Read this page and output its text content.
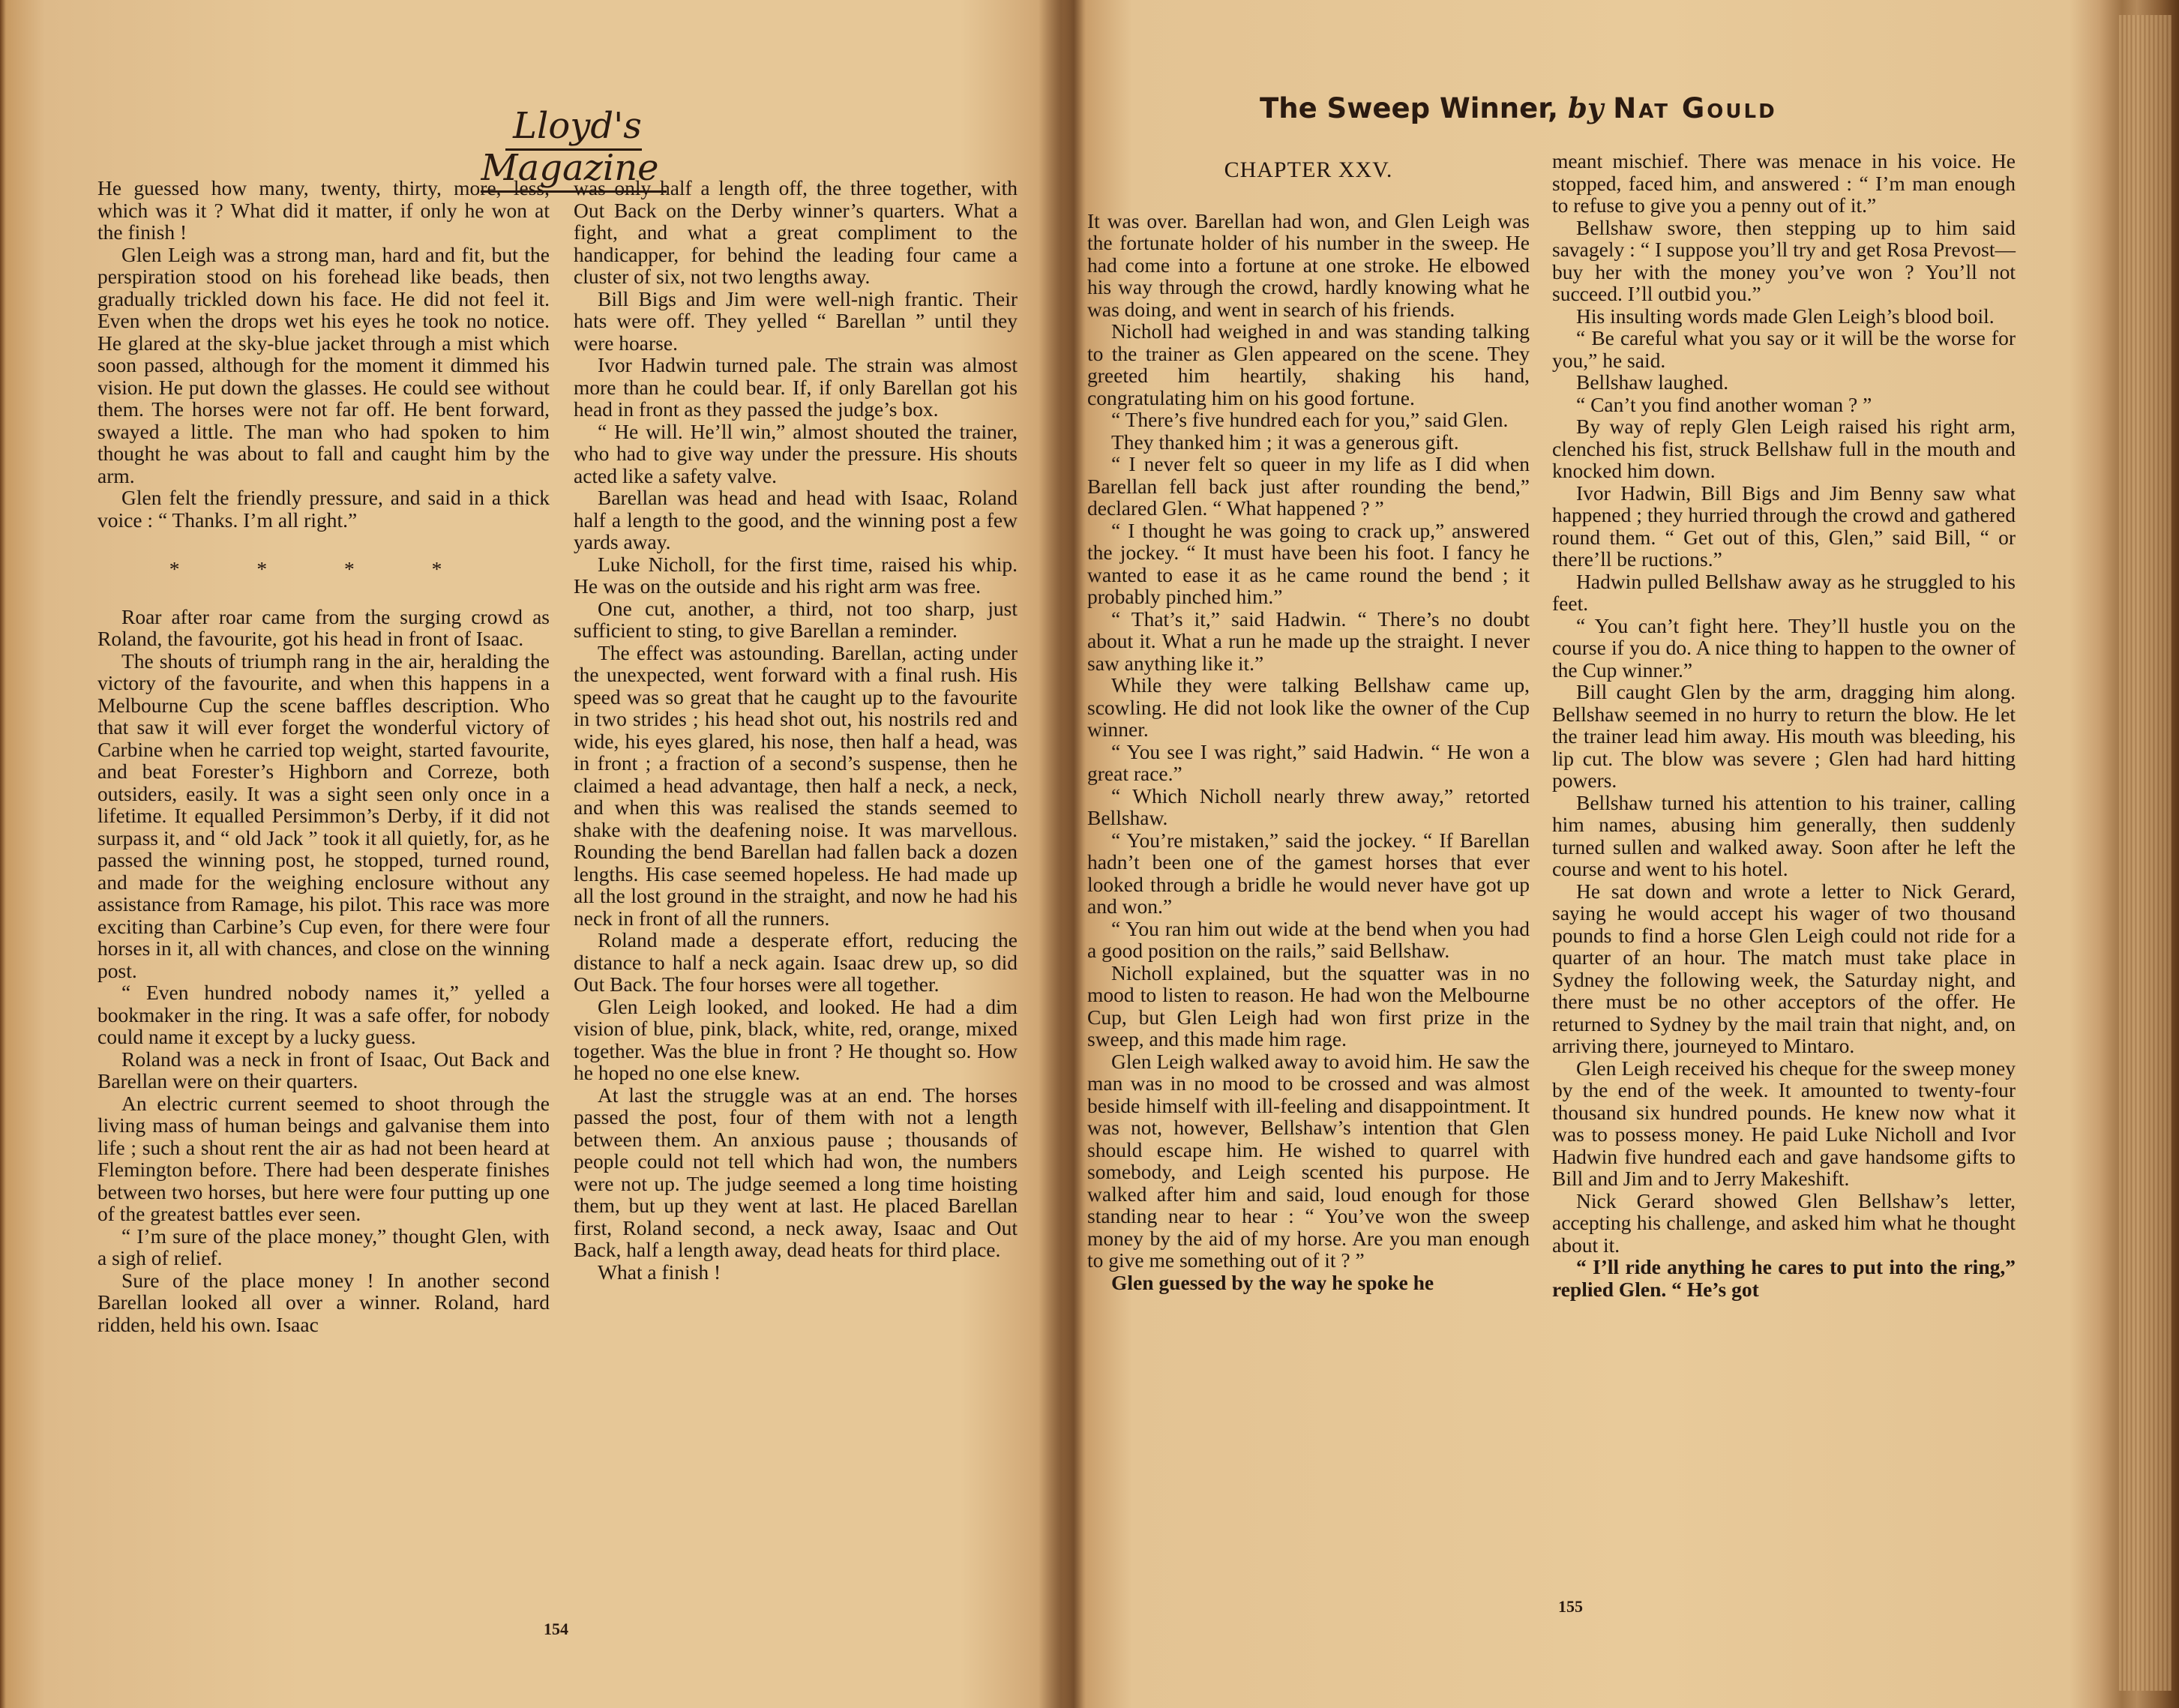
Lloyd's Magazine

He guessed how many, twenty, thirty, more, less, which was it ? What did it matter, if only he won at the finish !

Glen Leigh was a strong man, hard and fit, but the perspiration stood on his forehead like beads, then gradually trickled down his face. He did not feel it. Even when the drops wet his eyes he took no notice. He glared at the sky-blue jacket through a mist which soon passed, although for the moment it dimmed his vision. He put down the glasses. He could see without them. The horses were not far off. He bent forward, swayed a little. The man who had spoken to him thought he was about to fall and caught him by the arm.

Glen felt the friendly pressure, and said in a thick voice : “ Thanks. I’m all right.”

* * * *

Roar after roar came from the surging crowd as Roland, the favourite, got his head in front of Isaac.

The shouts of triumph rang in the air, heralding the victory of the favourite, and when this happens in a Melbourne Cup the scene baffles description. Who that saw it will ever forget the wonderful victory of Carbine when he carried top weight, started favourite, and beat Forester’s Highborn and Correze, both outsiders, easily. It was a sight seen only once in a lifetime. It equalled Persimmon’s Derby, if it did not surpass it, and “ old Jack ” took it all quietly, for, as he passed the winning post, he stopped, turned round, and made for the weighing enclosure without any assistance from Ramage, his pilot. This race was more exciting than Carbine’s Cup even, for there were four horses in it, all with chances, and close on the winning post.

“ Even hundred nobody names it,” yelled a bookmaker in the ring. It was a safe offer, for nobody could name it except by a lucky guess.

Roland was a neck in front of Isaac, Out Back and Barellan were on their quarters.

An electric current seemed to shoot through the living mass of human beings and galvanise them into life ; such a shout rent the air as had not been heard at Flemington before. There had been desperate finishes between two horses, but here were four putting up one of the greatest battles ever seen.

“ I’m sure of the place money,” thought Glen, with a sigh of relief.

Sure of the place money ! In another second Barellan looked all over a winner. Roland, hard ridden, held his own. Isaac

was only half a length off, the three together, with Out Back on the Derby winner’s quarters. What a fight, and what a great compliment to the handicapper, for behind the leading four came a cluster of six, not two lengths away.

Bill Bigs and Jim were well-nigh frantic. Their hats were off. They yelled “ Barellan ” until they were hoarse.

Ivor Hadwin turned pale. The strain was almost more than he could bear. If, if only Barellan got his head in front as they passed the judge’s box.

“ He will. He’ll win,” almost shouted the trainer, who had to give way under the pressure. His shouts acted like a safety valve.

Barellan was head and head with Isaac, Roland half a length to the good, and the winning post a few yards away.

Luke Nicholl, for the first time, raised his whip. He was on the outside and his right arm was free.

One cut, another, a third, not too sharp, just sufficient to sting, to give Barellan a reminder.

The effect was astounding. Barellan, acting under the unexpected, went forward with a final rush. His speed was so great that he caught up to the favourite in two strides ; his head shot out, his nostrils red and wide, his eyes glared, his nose, then half a head, was in front ; a fraction of a second’s suspense, then he claimed a head advantage, then half a neck, a neck, and when this was realised the stands seemed to shake with the deafening noise. It was marvellous. Rounding the bend Barellan had fallen back a dozen lengths. His case seemed hopeless. He had made up all the lost ground in the straight, and now he had his neck in front of all the runners.

Roland made a desperate effort, reducing the distance to half a neck again. Isaac drew up, so did Out Back. The four horses were all together.

Glen Leigh looked, and looked. He had a dim vision of blue, pink, black, white, red, orange, mixed together. Was the blue in front ? He thought so. How he hoped no one else knew.

At last the struggle was at an end. The horses passed the post, four of them with not a length between them. An anxious pause ; thousands of people could not tell which had won, the numbers were not up. The judge seemed a long time hoisting them, but up they went at last. He placed Barellan first, Roland second, a neck away, Isaac and Out Back, half a length away, dead heats for third place.

What a finish !

154

CHAPTER XXV.

It was over. Barellan had won, and Glen Leigh was the fortunate holder of his number in the sweep. He had come into a fortune at one stroke. He elbowed his way through the crowd, hardly knowing what he was doing, and went in search of his friends.

Nicholl had weighed in and was standing talking to the trainer as Glen appeared on the scene. They greeted him heartily, shaking his hand, congratulating him on his good fortune.

“ There’s five hundred each for you,” said Glen.

They thanked him ; it was a generous gift.

“ I never felt so queer in my life as I did when Barellan fell back just after rounding the bend,” declared Glen. “ What happened ? ”

“ I thought he was going to crack up,” answered the jockey. “ It must have been his foot. I fancy he wanted to ease it as he came round the bend ; it probably pinched him.”

“ That’s it,” said Hadwin. “ There’s no doubt about it. What a run he made up the straight. I never saw anything like it.”

While they were talking Bellshaw came up, scowling. He did not look like the owner of the Cup winner.

“ You see I was right,” said Hadwin. “ He won a great race.”

“ Which Nicholl nearly threw away,” retorted Bellshaw.

“ You’re mistaken,” said the jockey. “ If Barellan hadn’t been one of the gamest horses that ever looked through a bridle he would never have got up and won.”

“ You ran him out wide at the bend when you had a good position on the rails,” said Bellshaw.

Nicholl explained, but the squatter was in no mood to listen to reason. He had won the Melbourne Cup, but Glen Leigh had won first prize in the sweep, and this made him rage.

Glen Leigh walked away to avoid him. He saw the man was in no mood to be crossed and was almost beside himself with ill-feeling and disappointment. It was not, however, Bellshaw’s intention that Glen should escape him. He wished to quarrel with somebody, and Leigh scented his purpose. He walked after him and said, loud enough for those standing near to hear : “ You’ve won the sweep money by the aid of my horse. Are you man enough to give me something out of it ? ”

Glen guessed by the way he spoke he

meant mischief. There was menace in his voice. He stopped, faced him, and answered : “ I’m man enough to refuse to give you a penny out of it.”

Bellshaw swore, then stepping up to him said savagely : “ I suppose you’ll try and get Rosa Prevost—buy her with the money you’ve won ? You’ll not succeed. I’ll outbid you.”

His insulting words made Glen Leigh’s blood boil.

“ Be careful what you say or it will be the worse for you,” he said.

Bellshaw laughed.

“ Can’t you find another woman ? ”

By way of reply Glen Leigh raised his right arm, clenched his fist, struck Bellshaw full in the mouth and knocked him down.

Ivor Hadwin, Bill Bigs and Jim Benny saw what happened ; they hurried through the crowd and gathered round them. “ Get out of this, Glen,” said Bill, “ or there’ll be ructions.”

Hadwin pulled Bellshaw away as he struggled to his feet.

“ You can’t fight here. They’ll hustle you on the course if you do. A nice thing to happen to the owner of the Cup winner.”

Bill caught Glen by the arm, dragging him along. Bellshaw seemed in no hurry to return the blow. He let the trainer lead him away. His mouth was bleeding, his lip cut. The blow was severe ; Glen had hard hitting powers.

Bellshaw turned his attention to his trainer, calling him names, abusing him generally, then suddenly turned sullen and walked away. Soon after he left the course and went to his hotel.

He sat down and wrote a letter to Nick Gerard, saying he would accept his wager of two thousand pounds to find a horse Glen Leigh could not ride for a quarter of an hour. The match must take place in Sydney the following week, the Saturday night, and there must be no other acceptors of the offer. He returned to Sydney by the mail train that night, and, on arriving there, journeyed to Mintaro.

Glen Leigh received his cheque for the sweep money by the end of the week. It amounted to twenty-four thousand six hundred pounds. He knew now what it was to possess money. He paid Luke Nicholl and Ivor Hadwin five hundred each and gave handsome gifts to Bill and Jim and to Jerry Makeshift.

Nick Gerard showed Glen Bellshaw’s letter, accepting his challenge, and asked him what he thought about it.

“ I’ll ride anything he cares to put into the ring,” replied Glen. “ He’s got

155
The Sweep Winner, by Nat Gould
